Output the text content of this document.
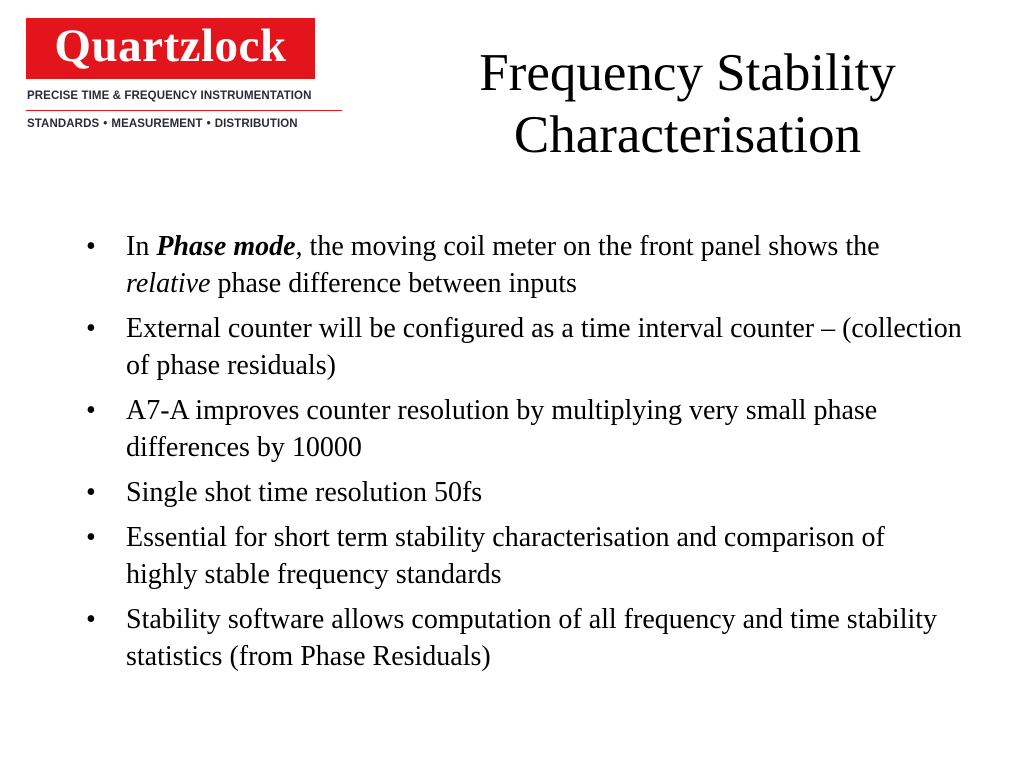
Quartzlock
PRECISE TIME & FREQUENCY INSTRUMENTATION
STANDARDS • MEASUREMENT • DISTRIBUTION
Frequency Stability
Characterisation
• In Phase mode, the moving coil meter on the front panel shows the relative phase difference between inputs
• External counter will be configured as a time interval counter – (collection of phase residuals)
• A7-A improves counter resolution by multiplying very small phase differences by 10000
• Single shot time resolution 50fs
• Essential for short term stability characterisation and comparison of highly stable frequency standards
• Stability software allows computation of all frequency and time stability statistics (from Phase Residuals)
